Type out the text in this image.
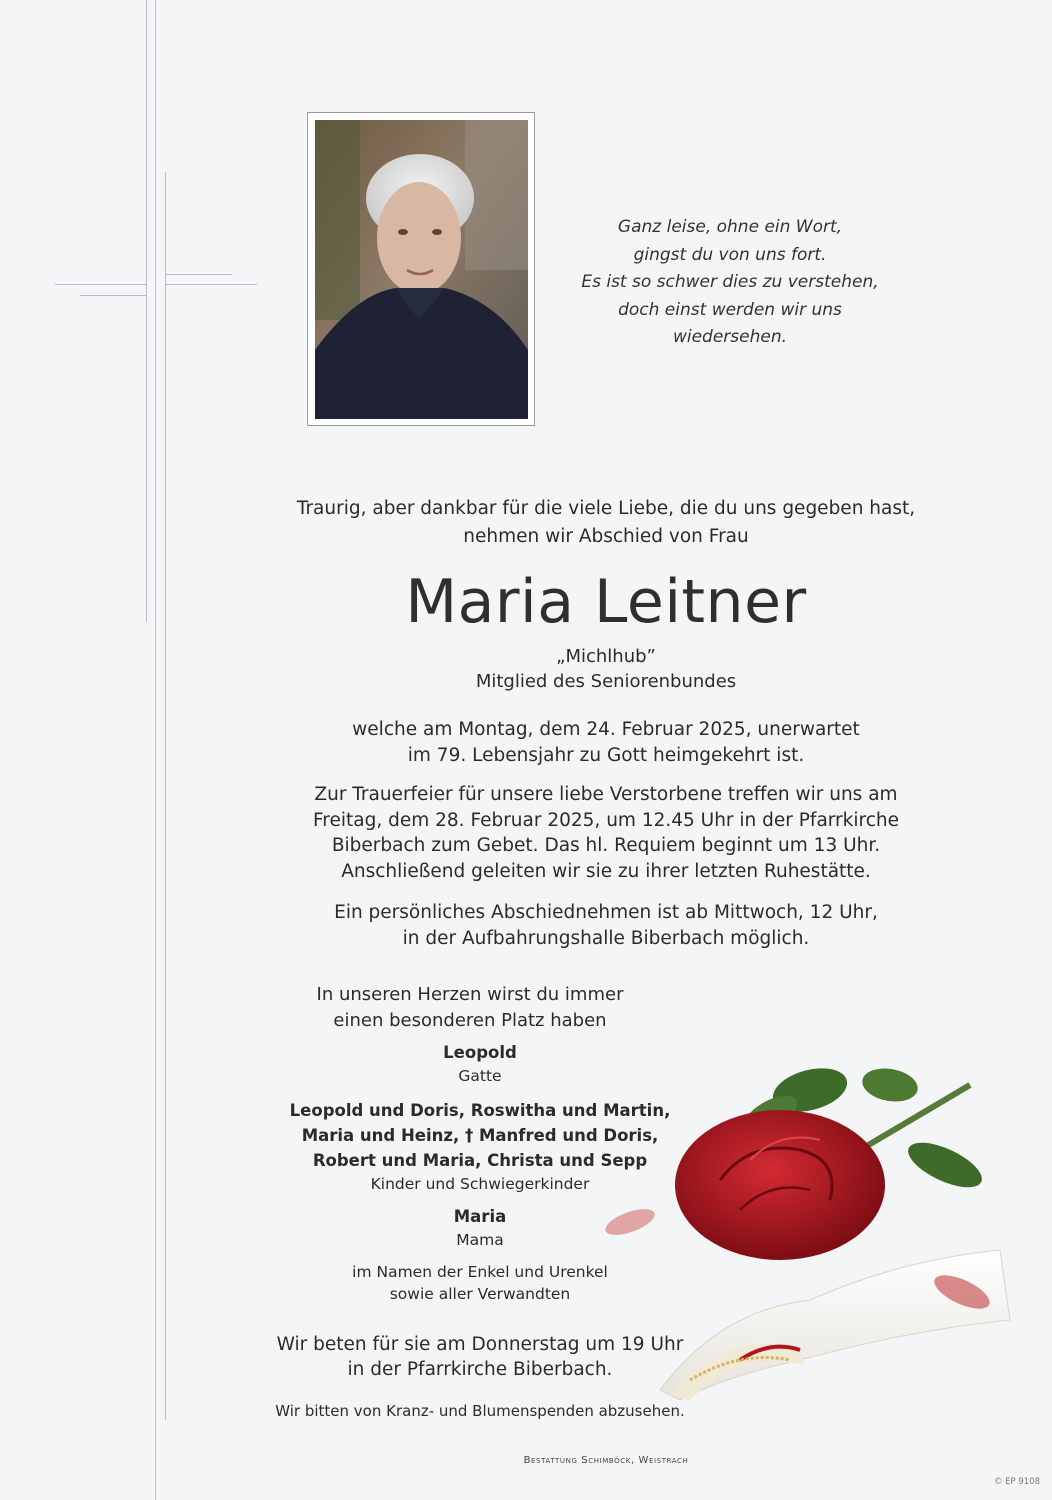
Ganz leise, ohne ein Wort,
gingst du von uns fort.
Es ist so schwer dies zu verstehen,
doch einst werden wir uns
wiedersehen.
Traurig, aber dankbar für die viele Liebe, die du uns gegeben hast,
nehmen wir Abschied von Frau
Maria Leitner
„Michlhub”
Mitglied des Seniorenbundes
welche am Montag, dem 24. Februar 2025, unerwartet
im 79. Lebensjahr zu Gott heimgekehrt ist.
Zur Trauerfeier für unsere liebe Verstorbene treffen wir uns am
Freitag, dem 28. Februar 2025, um 12.45 Uhr in der Pfarrkirche
Biberbach zum Gebet. Das hl. Requiem beginnt um 13 Uhr.
Anschließend geleiten wir sie zu ihrer letzten Ruhestätte.
Ein persönliches Abschiednehmen ist ab Mittwoch, 12 Uhr,
in der Aufbahrungshalle Biberbach möglich.
In unseren Herzen wirst du immer
einen besonderen Platz haben
Leopold
Gatte
Leopold und Doris, Roswitha und Martin,
Maria und Heinz, † Manfred und Doris,
Robert und Maria, Christa und Sepp
Kinder und Schwiegerkinder
Maria
Mama
im Namen der Enkel und Urenkel
sowie aller Verwandten
Wir beten für sie am Donnerstag um 19 Uhr
in der Pfarrkirche Biberbach.
Wir bitten von Kranz- und Blumenspenden abzusehen.
Bestattung Schimböck, Weistrach
© EP 9108
